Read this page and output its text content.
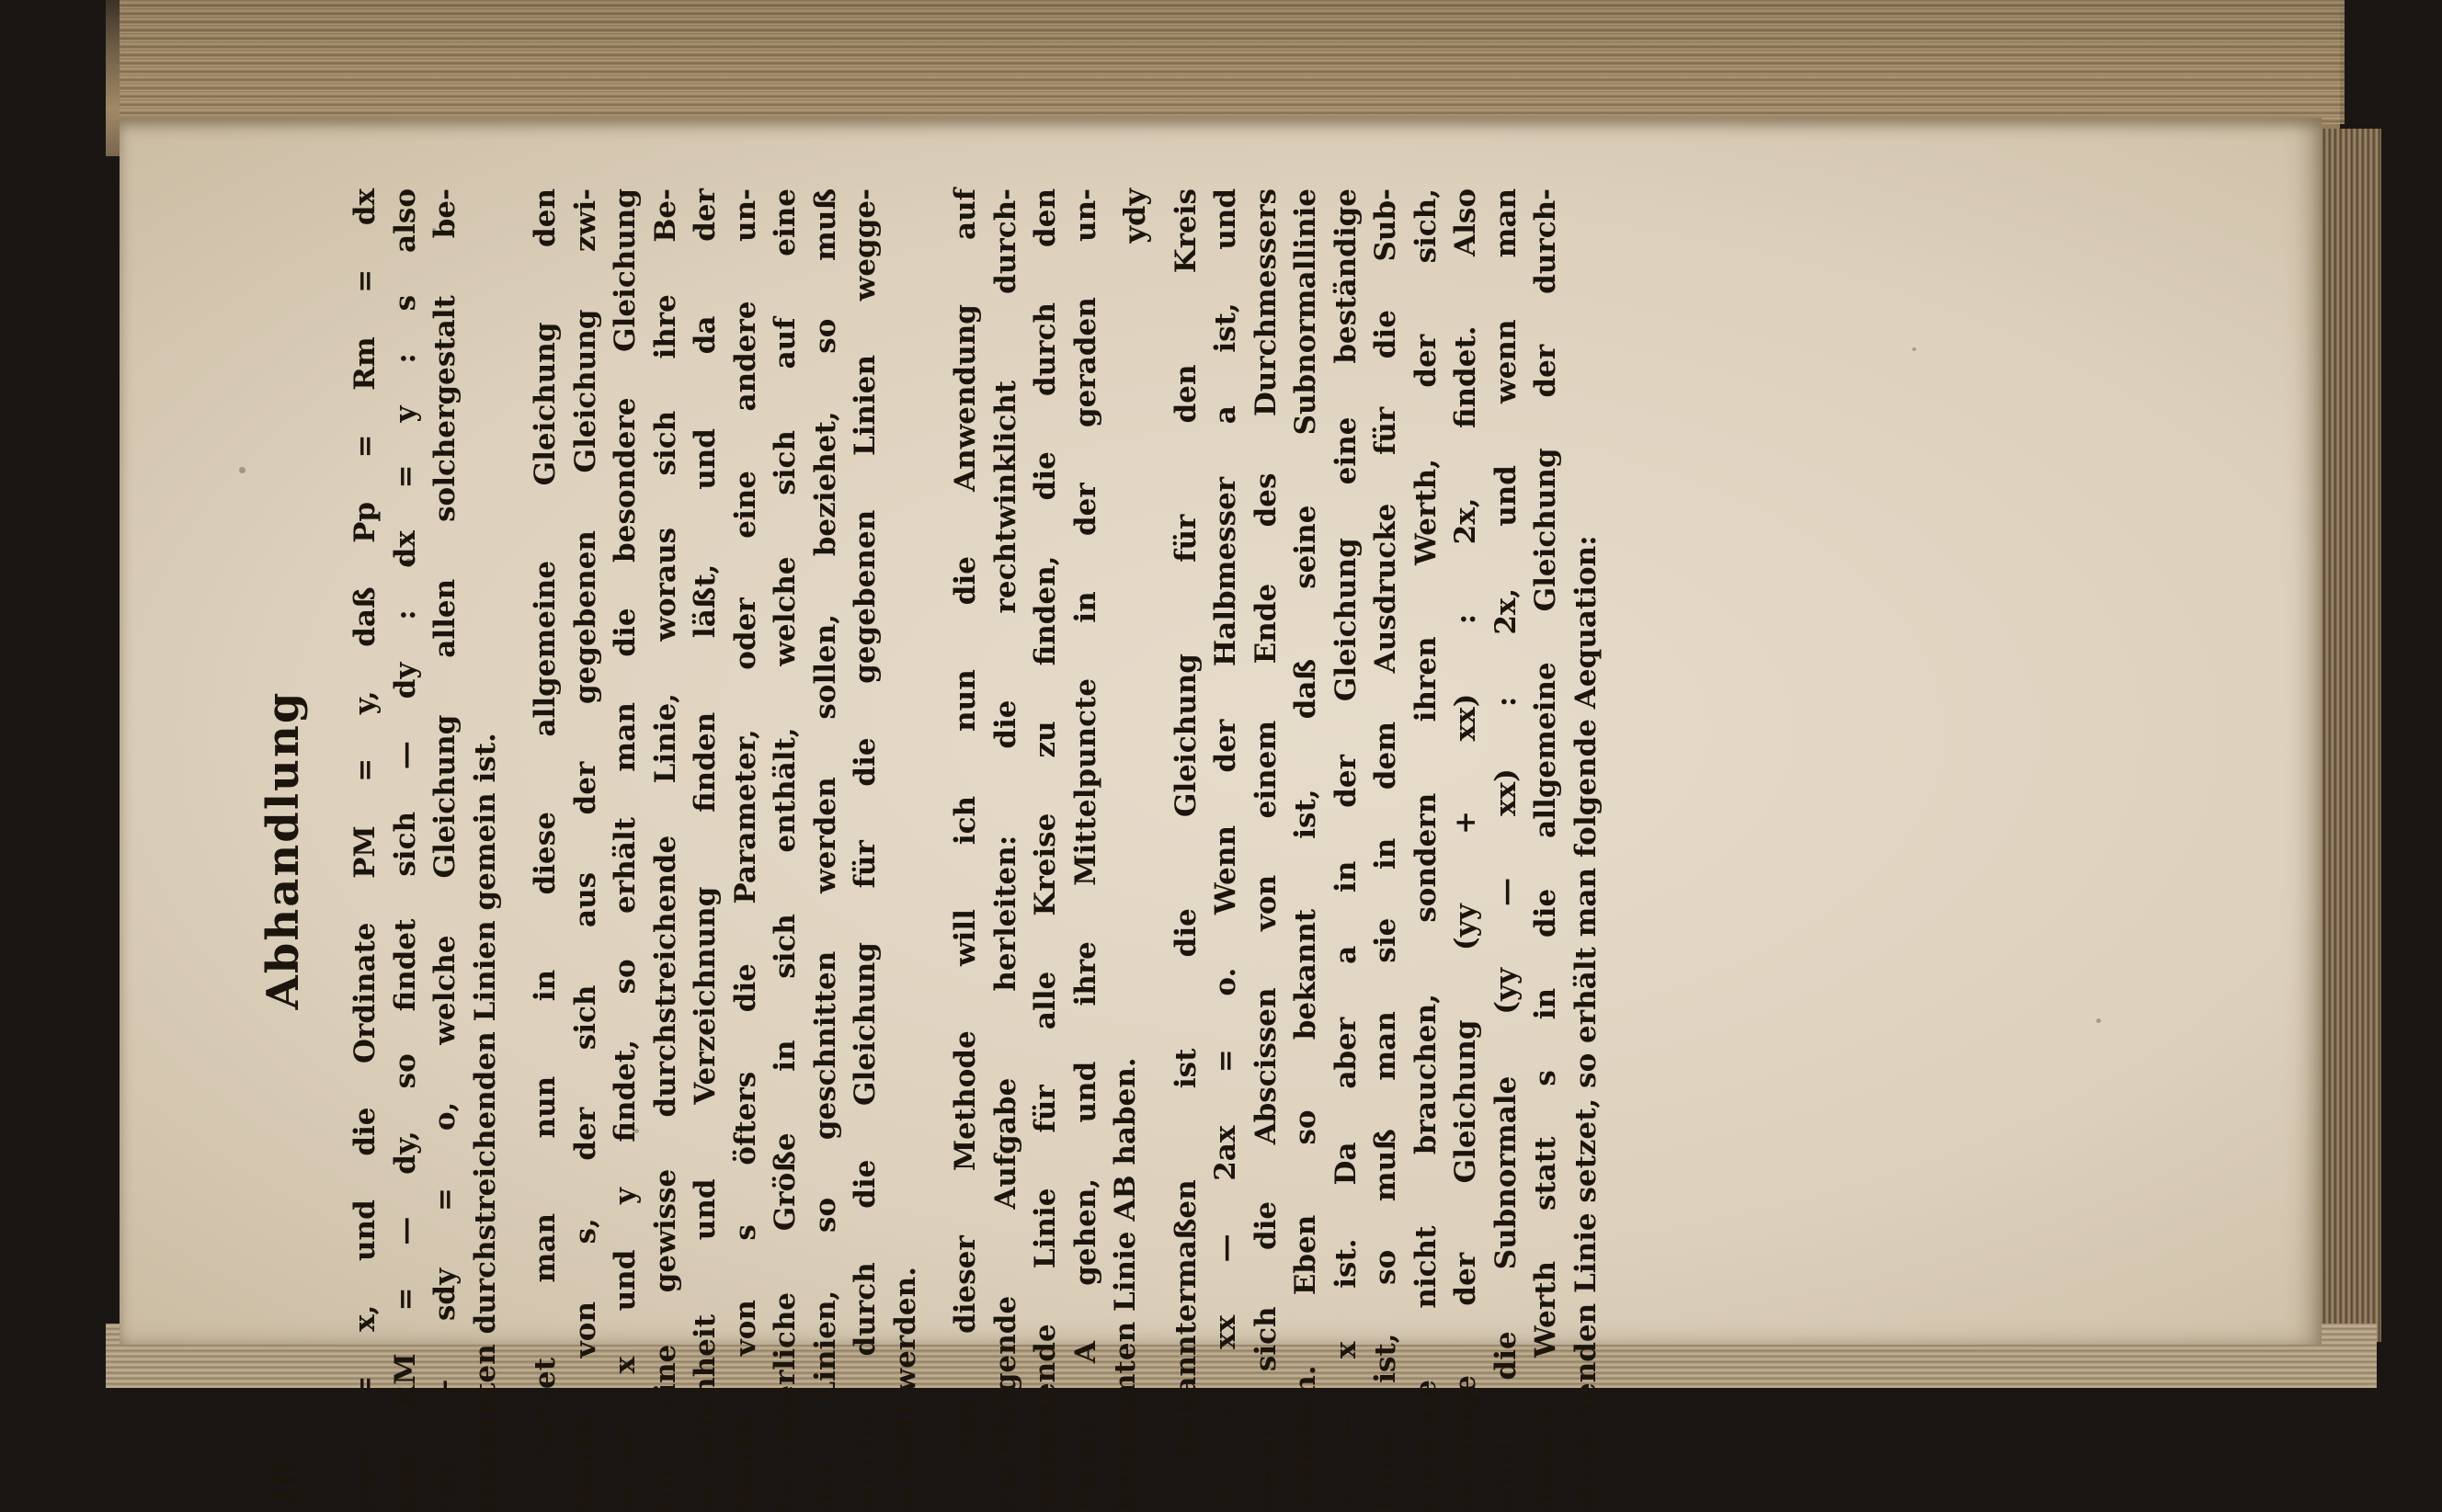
20
Abhandlung men = x, und die Ordinate PM = y, daß Pp = Rm = dx und RM = — dy, so findet sich — dy : dx = y : s also ydx + sdy = o, welche Gleichung allen solchergestalt be- trachteten durchstreichenden Linien gemein ist. Setzet man nun in diese allgemeine Gleichung den Werth von s, der sich aus der gegebenen Gleichung zwi- schen x und y findet, so erhält man die besondere Gleichung für eine gewisse durchstreichende Linie, woraus sich ihre Be- schaffenheit und Verzeichnung finden läßt, und da der Werth von s öfters die Parameter, oder eine andere un- veränderliche Größe in sich enthält, welche sich auf eine der Linien, so geschnitten werden sollen, beziehet, so muß solche durch die Gleichung für die gegebenen Linien wegge- schafft werden. Aus dieser Methode will ich nun die Anwendung auf nachfolgende Aufgabe herleiten: die rechtwinklicht durch- streichende Linie für alle Kreise zu finden, die durch den Punct A gehen, und ihre Mittelpuncte in der geraden un- bestimmten Linie AB haben. Bekanntermaßen ist die Gleichung für den Kreis yy + xx — 2ax = o. Wenn der Halbmesser a ist, und wenn sich die Abscissen von einem Ende des Durchmessers anheben. Eben so bekannt ist, daß seine Subnormallinie a — x ist. Da aber a in der Gleichung eine beständige Linie ist, so muß man sie in dem Ausdrucke für die Sub- normale nicht brauchen, sondern ihren Werth, der sich, vermöge der Gleichung (yy + xx) : 2x, findet. Also wird die Subnormale (yy — xx) : 2x, und wenn man diesen Werth statt s in die allgemeine Gleichung der durch- streichenden Linie setzet, so erhält man folgende Aequation:
ydy
